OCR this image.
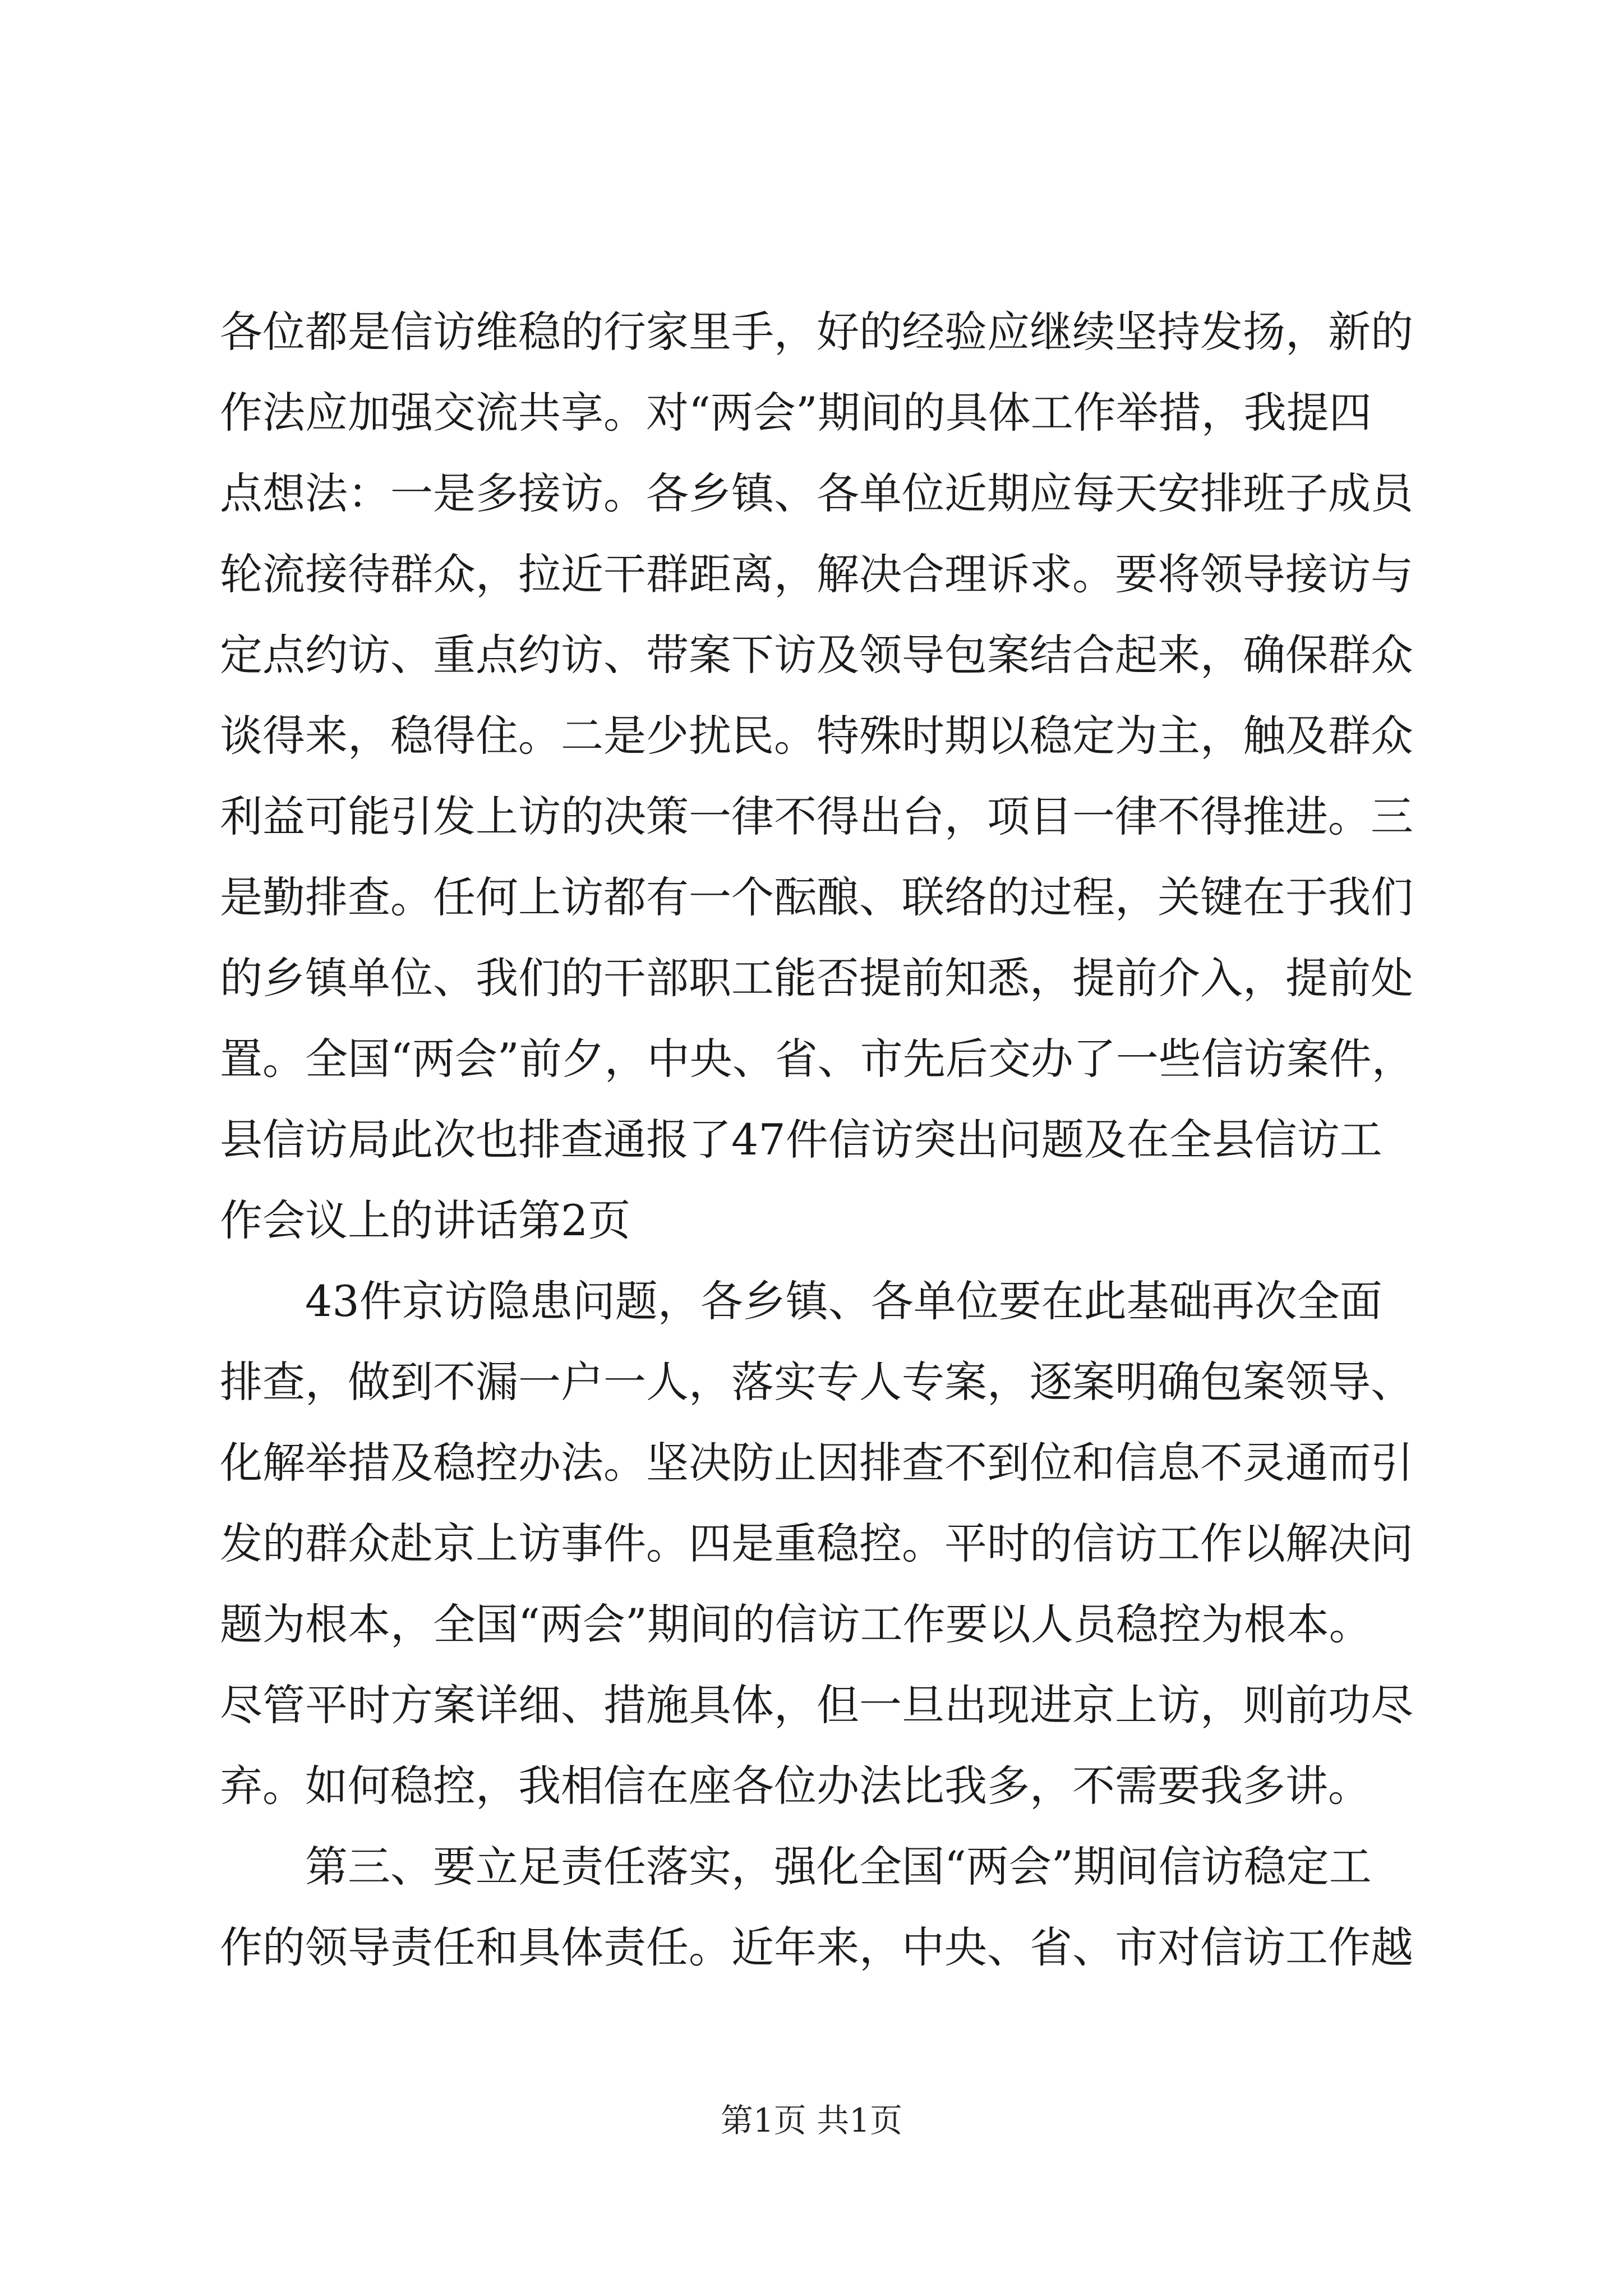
各位都是信访维稳的行家里手，好的经验应继续坚持发扬，新的
作法应加强交流共享。对“两会”期间的具体工作举措，我提四
点想法：一是多接访。各乡镇、各单位近期应每天安排班子成员
轮流接待群众，拉近干群距离，解决合理诉求。要将领导接访与
定点约访、重点约访、带案下访及领导包案结合起来，确保群众
谈得来，稳得住。二是少扰民。特殊时期以稳定为主，触及群众
利益可能引发上访的决策一律不得出台，项目一律不得推进。三
是勤排查。任何上访都有一个酝酿、联络的过程，关键在于我们
的乡镇单位、我们的干部职工能否提前知悉，提前介入，提前处
置。全国“两会”前夕，中央、省、市先后交办了一些信访案件，
县信访局此次也排查通报了47件信访突出问题及在全县信访工
作会议上的讲话第2页
43件京访隐患问题，各乡镇、各单位要在此基础再次全面
排查，做到不漏一户一人，落实专人专案，逐案明确包案领导、
化解举措及稳控办法。坚决防止因排查不到位和信息不灵通而引
发的群众赴京上访事件。四是重稳控。平时的信访工作以解决问
题为根本，全国“两会”期间的信访工作要以人员稳控为根本。
尽管平时方案详细、措施具体，但一旦出现进京上访，则前功尽
弃。如何稳控，我相信在座各位办法比我多，不需要我多讲。
第三、要立足责任落实，强化全国“两会”期间信访稳定工
作的领导责任和具体责任。近年来，中央、省、市对信访工作越
第1页 共1页
